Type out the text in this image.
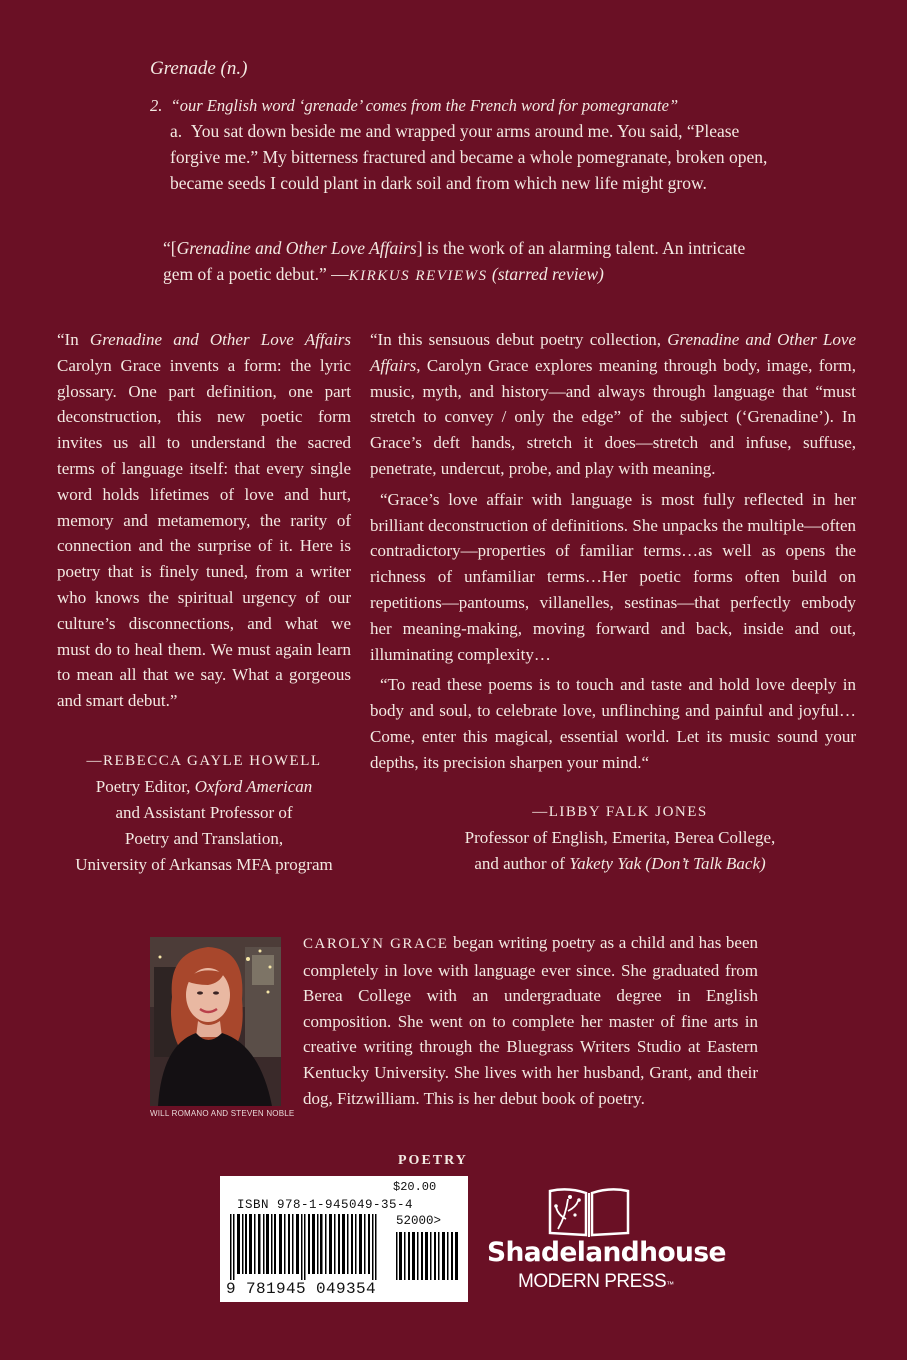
Grenade (n.)
2. “our English word ‘grenade’ comes from the French word for pomegranate”
a. You sat down beside me and wrapped your arms around me. You said, “Please forgive me.” My bitterness fractured and became a whole pomegranate, broken open, became seeds I could plant in dark soil and from which new life might grow.
“[Grenadine and Other Love Affairs] is the work of an alarming talent. An intricate gem of a poetic debut.” —KIRKUS REVIEWS (starred review)

“In Grenadine and Other Love Affairs Carolyn Grace invents a form: the lyric glossary. One part definition, one part deconstruction, this new poetic form invites us all to understand the sacred terms of language itself: that every single word holds lifetimes of love and hurt, memory and metamemory, the rarity of connection and the surprise of it. Here is poetry that is finely tuned, from a writer who knows the spiritual urgency of our culture’s disconnections, and what we must do to heal them. We must again learn to mean all that we say. What a gorgeous and smart debut.”

—REBECCA GAYLE HOWELL
Poetry Editor, Oxford American
and Assistant Professor of
Poetry and Translation,
University of Arkansas MFA program

“In this sensuous debut poetry collection, Grenadine and Other Love Affairs, Carolyn Grace explores meaning through body, image, form, music, myth, and history—and always through language that “must stretch to convey / only the edge” of the subject (‘Grenadine’). In Grace’s deft hands, stretch it does—stretch and infuse, suffuse, penetrate, undercut, probe, and play with meaning.

“Grace’s love affair with language is most fully reflected in her brilliant deconstruction of definitions. She unpacks the multiple—often contradictory—properties of familiar terms…as well as opens the richness of unfamiliar terms…Her poetic forms often build on repetitions—pantoums, villanelles, sestinas—that perfectly embody her meaning-making, moving forward and back, inside and out, illuminating complexity…

“To read these poems is to touch and taste and hold love deeply in body and soul, to celebrate love, unflinching and painful and joyful…Come, enter this magical, essential world. Let its music sound your depths, its precision sharpen your mind.“

—LIBBY FALK JONES
Professor of English, Emerita, Berea College,
and author of Yakety Yak (Don’t Talk Back)
WILL ROMANO AND STEVEN NOBLE
CAROLYN GRACE began writing poetry as a child and has been completely in love with language ever since. She graduated from Berea College with an undergraduate degree in English composition. She went on to complete her master of fine arts in creative writing through the Bluegrass Writers Studio at Eastern Kentucky University. She lives with her husband, Grant, and their dog, Fitzwilliam. This is her debut book of poetry.
POETRY
$20.00
ISBN 978-1-945049-35-4
52000>
9 781945 049354
Shadelandhouse
MODERN PRESS™
